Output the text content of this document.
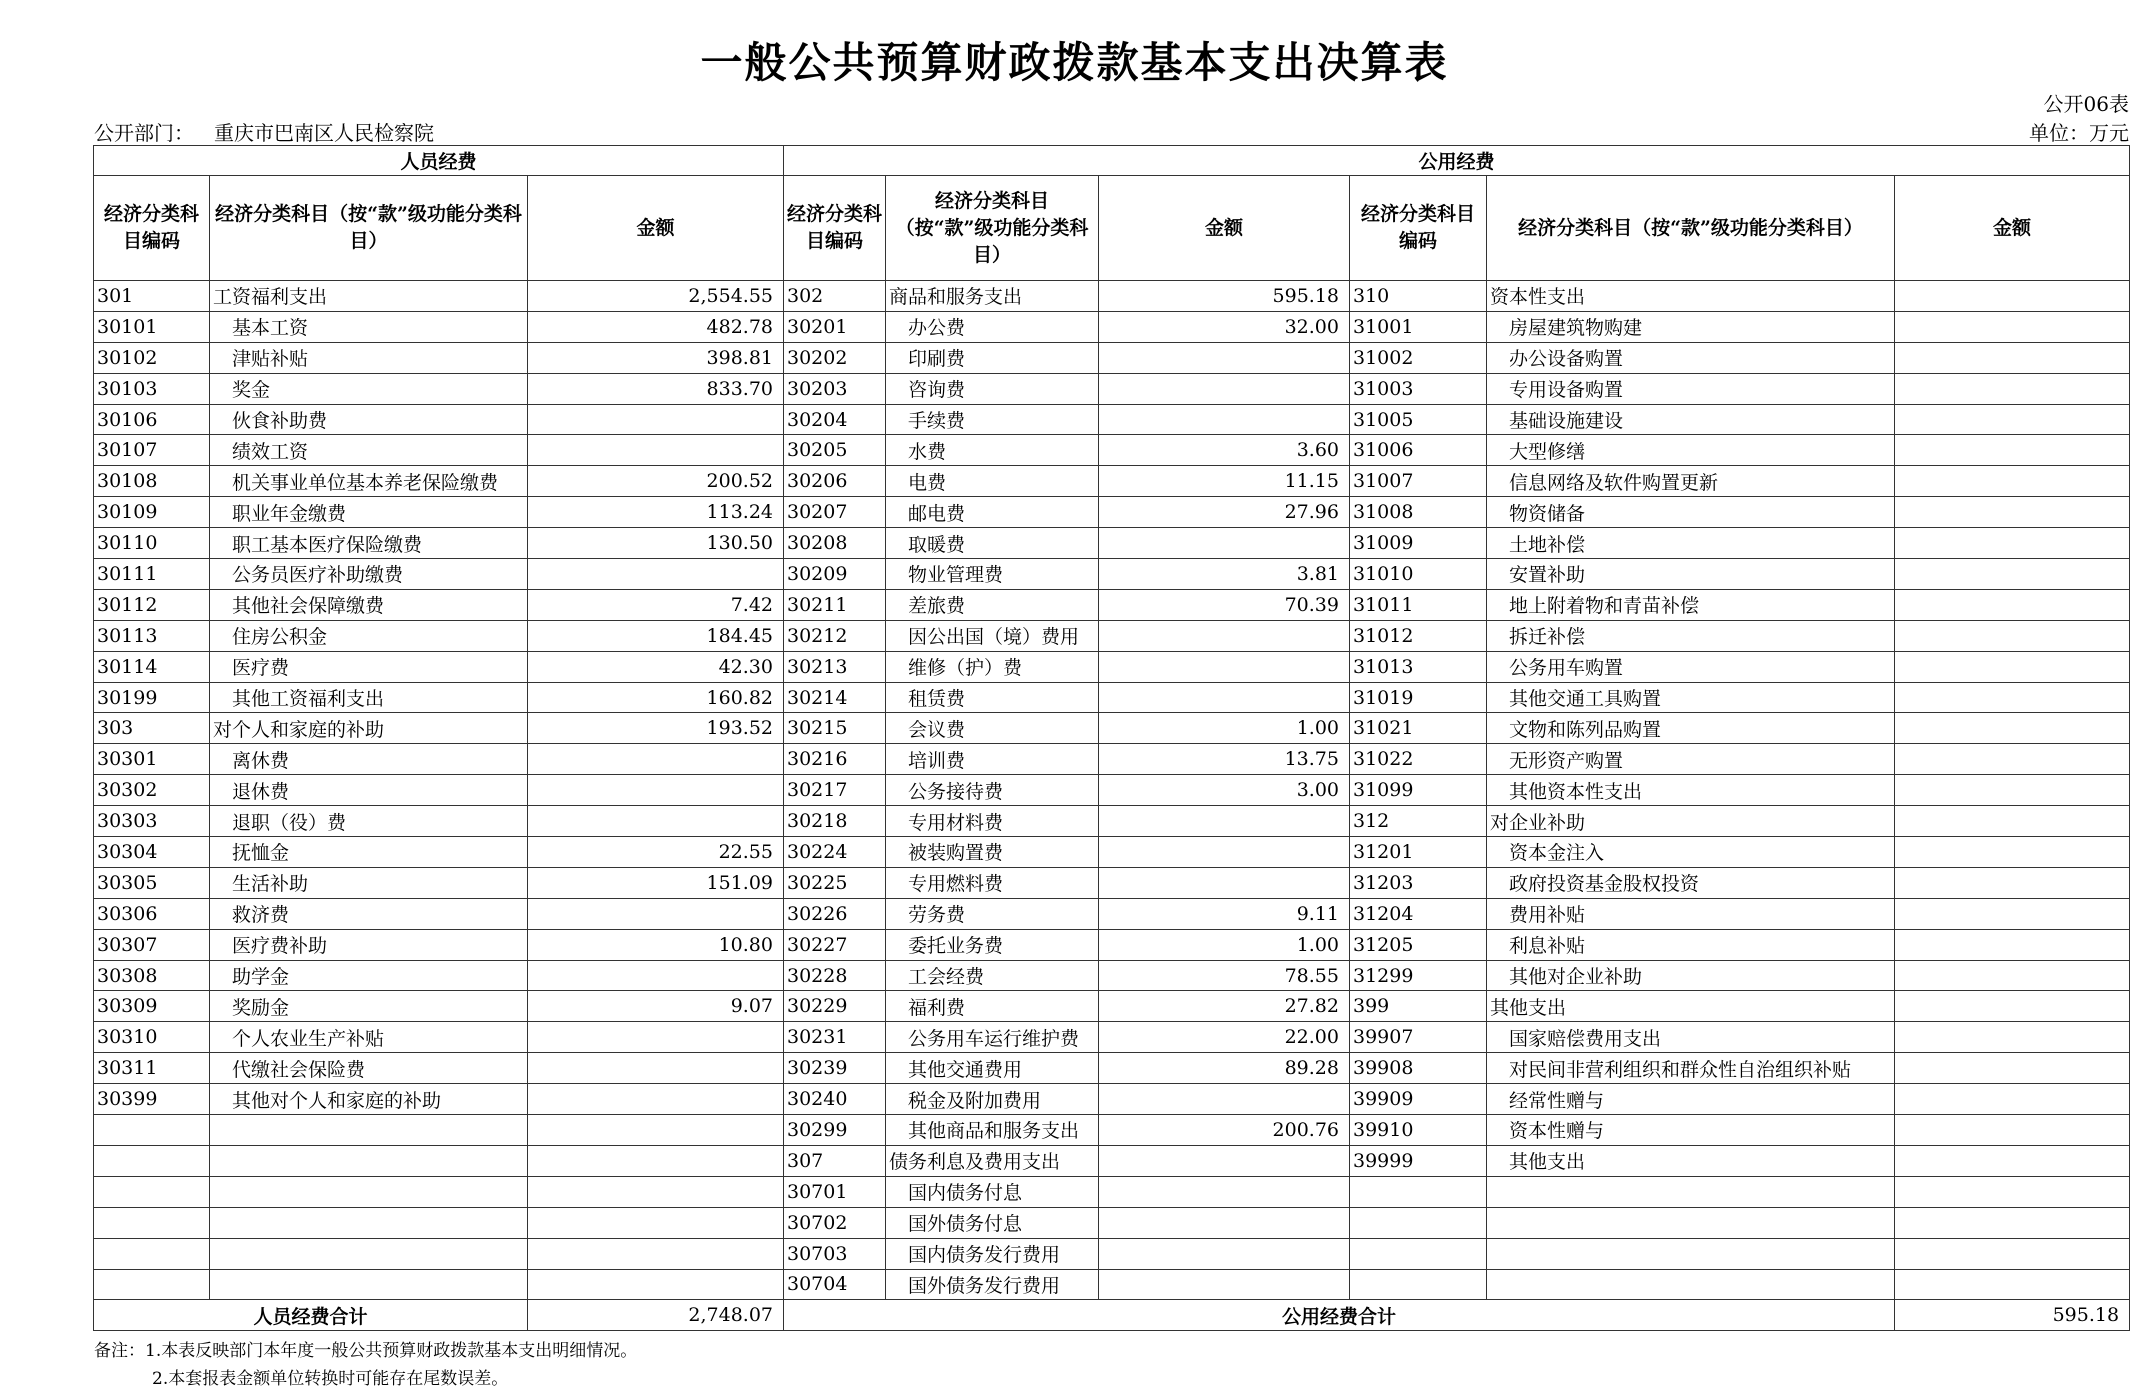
一般公共预算财政拨款基本支出决算表
公开06表
公开部门： 重庆市巴南区人民检察院	单位：万元
人员经费			公用经费					
经济分类科目编码	经济分类科目（按“款”级功能分类科目）	金额	经济分类科目编码	经济分类科目（按“款”级功能分类科目）	金额	经济分类科目编码	经济分类科目（按“款”级功能分类科目）	金额
301	工资福利支出	2,554.55	302	商品和服务支出	595.18	310	资本性支出	
30101	基本工资	482.78	30201	办公费	32.00	31001	房屋建筑物购建	
30102	津贴补贴	398.81	30202	印刷费		31002	办公设备购置	
30103	奖金	833.70	30203	咨询费		31003	专用设备购置	
30106	伙食补助费		30204	手续费		31005	基础设施建设	
30107	绩效工资		30205	水费	3.60	31006	大型修缮	
30108	机关事业单位基本养老保险缴费	200.52	30206	电费	11.15	31007	信息网络及软件购置更新	
30109	职业年金缴费	113.24	30207	邮电费	27.96	31008	物资储备	
30110	职工基本医疗保险缴费	130.50	30208	取暖费		31009	土地补偿	
30111	公务员医疗补助缴费		30209	物业管理费	3.81	31010	安置补助	
30112	其他社会保障缴费	7.42	30211	差旅费	70.39	31011	地上附着物和青苗补偿	
30113	住房公积金	184.45	30212	因公出国（境）费用		31012	拆迁补偿	
30114	医疗费	42.30	30213	维修（护）费		31013	公务用车购置	
30199	其他工资福利支出	160.82	30214	租赁费		31019	其他交通工具购置	
303	对个人和家庭的补助	193.52	30215	会议费	1.00	31021	文物和陈列品购置	
30301	离休费		30216	培训费	13.75	31022	无形资产购置	
30302	退休费		30217	公务接待费	3.00	31099	其他资本性支出	
30303	退职（役）费		30218	专用材料费		312	对企业补助	
30304	抚恤金	22.55	30224	被装购置费		31201	资本金注入	
30305	生活补助	151.09	30225	专用燃料费		31203	政府投资基金股权投资	
30306	救济费		30226	劳务费	9.11	31204	费用补贴	
30307	医疗费补助	10.80	30227	委托业务费	1.00	31205	利息补贴	
30308	助学金		30228	工会经费	78.55	31299	其他对企业补助	
30309	奖励金	9.07	30229	福利费	27.82	399	其他支出	
30310	个人农业生产补贴		30231	公务用车运行维护费	22.00	39907	国家赔偿费用支出	
30311	代缴社会保险费		30239	其他交通费用	89.28	39908	对民间非营利组织和群众性自治组织补贴	
30399	其他对个人和家庭的补助		30240	税金及附加费用		39909	经常性赠与	
			30299	其他商品和服务支出	200.76	39910	资本性赠与	
			307	债务利息及费用支出		39999	其他支出	
			30701	国内债务付息				
			30702	国外债务付息				
			30703	国内债务发行费用				
			30704	国外债务发行费用				
人员经费合计		2,748.07	公用经费合计					595.18
备注：1.本表反映部门本年度一般公共预算财政拨款基本支出明细情况。
2.本套报表金额单位转换时可能存在尾数误差。
